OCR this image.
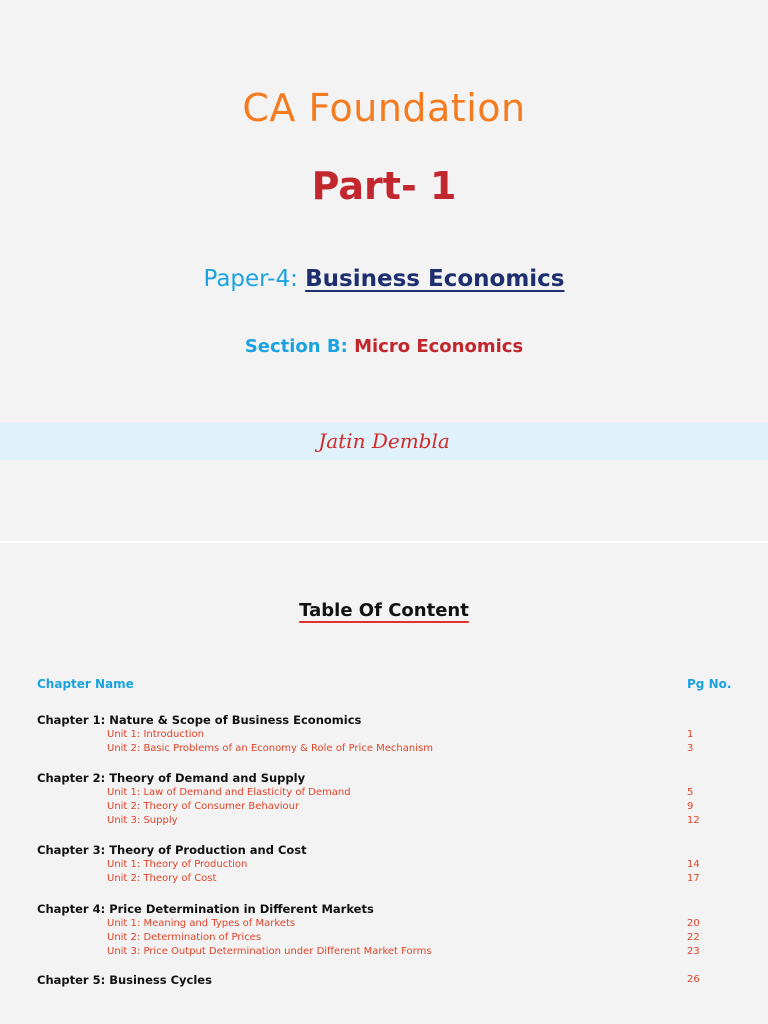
CA Foundation
Part- 1
Paper-4: Business Economics
Section B: Micro Economics
Jatin Dembla
Table Of Content
Chapter Name	Pg No.
Chapter 1: Nature & Scope of Business Economics
Unit 1: Introduction	1
Unit 2: Basic Problems of an Economy & Role of Price Mechanism	3
Chapter 2: Theory of Demand and Supply
Unit 1: Law of Demand and Elasticity of Demand	5
Unit 2: Theory of Consumer Behaviour	9
Unit 3: Supply	12
Chapter 3: Theory of Production and Cost
Unit 1: Theory of Production	14
Unit 2: Theory of Cost	17
Chapter 4: Price Determination in Different Markets
Unit 1: Meaning and Types of Markets	20
Unit 2: Determination of Prices	22
Unit 3: Price Output Determination under Different Market Forms	23
Chapter 5: Business Cycles	26
